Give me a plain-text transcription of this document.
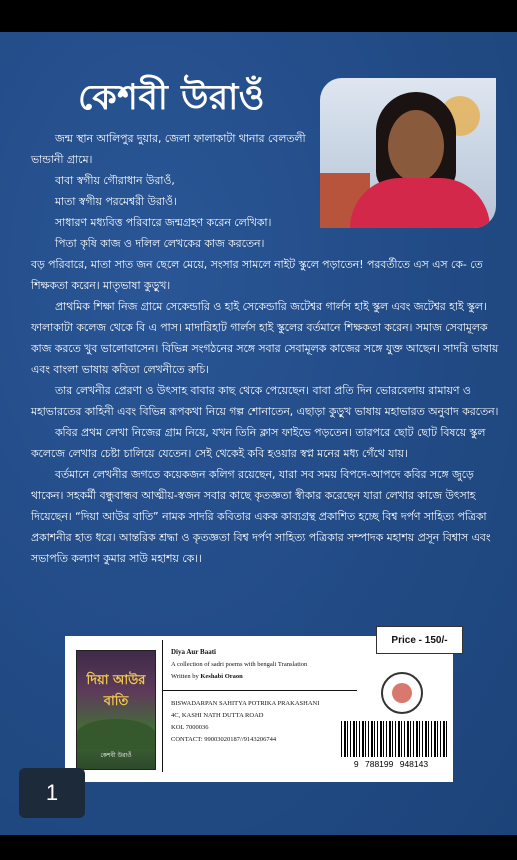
কেশবী উরাওঁ

জন্ম স্থান আলিপুর দুয়ার, জেলা ফালাকাটা থানার বেলতলী ভান্ডানী গ্রামে।

বাবা স্বগীয় গৌরাধান উরাওঁ,

মাতা স্বগীয় পরমেশ্বরী উরাওঁ।

সাধারণ মধ্যবিত্ত পরিবারে জন্মগ্রহণ করেন লেখিকা।

পিতা কৃষি কাজ ও দলিল লেখকের কাজ করতেন।

বড় পরিবারে, মাতা সাত জন ছেলে মেয়ে, সংসার সামলে নাইট স্কুলে পড়াতেন! পরবর্তীতে এস এস কে- তে শিক্ষকতা করেন। মাতৃভাষা কুড়ুখ।

প্রাথমিক শিক্ষা নিজ গ্রামে সেকেন্ডারি ও হাই সেকেন্ডারি জটেশ্বর গার্লস হাই স্কুল এবং জটেশ্বর হাই স্কুল। ফালাকাটা কলেজ থেকে বি এ পাস। মাদারিহাট গার্লস হাই স্কুলের বর্তমানে শিক্ষকতা করেন। সমাজ সেবামূলক কাজ করতে খুব ভালোবাসেন। বিভিন্ন সংগঠনের সঙ্গে সবার সেবামূলক কাজের সঙ্গে যুক্ত আছেন। সাদরি ভাষায় এবং বাংলা ভাষায় কবিতা লেখনীতে রুচি।

তার লেখনীর প্রেরণা ও উৎসাহ বাবার কাছ থেকে পেয়েছেন। বাবা প্রতি দিন ভোরবেলায় রামায়ণ ও মহাভারতের কাহিনী এবং বিভিন্ন রূপকথা নিয়ে গল্প শোনাতেন, এছাড়া কুড়ুখ ভাষায় মহাভারত অনুবাদ করতেন।

কবির প্রথম লেখা নিজের গ্রাম নিয়ে, যখন তিনি ক্লাস ফাইভে পড়তেন। তারপরে ছোট ছোট বিষয়ে স্কুল কলেজে লেখার চেষ্টা চালিয়ে যেতেন। সেই থেকেই কবি হওয়ার স্বপ্ন মনের মধ্য গেঁথে যায়।

বর্তমানে লেখনীর জগতে কয়েকজন কলিগ রয়েছেন, যারা সব সময় বিপদে-আপদে কবির সঙ্গে জুড়ে থাকেন। সহকর্মী বন্ধুবান্ধব আত্মীয়-স্বজন সবার কাছে কৃতজ্ঞতা স্বীকার করেছেন যারা লেখার কাজে উৎসাহ দিয়েছেন। “দিয়া আউর বাতি” নামক সাদরি কবিতার একক কাব্যগ্রন্থ প্রকাশিত হচ্ছে বিশ্ব দর্পণ সাহিত্য পত্রিকা প্রকাশনীর হাত ধরে। আন্তরিক শ্রদ্ধা ও কৃতজ্ঞতা বিশ্ব দর্পণ সাহিত্য পত্রিকার সম্পাদক মহাশয় প্রসূন বিশ্বাস এবং সভাপতি কল্যাণ কুমার সাউ মহাশয় কে।।

Price - 150/-
দিয়া আউর বাতি
কেশবী উরাওঁ
Diya Aur Baati
A collection of sadri poems with bengali Translation
Written by Keshabi Oraon
BISWADARPAN SAHITYA POTRIKA PRAKASHANI
4C, KASHI NATH DUTTA ROAD
KOL 7000036
CONTACT: 99003020187//9143206744
9 788199 948143
1
